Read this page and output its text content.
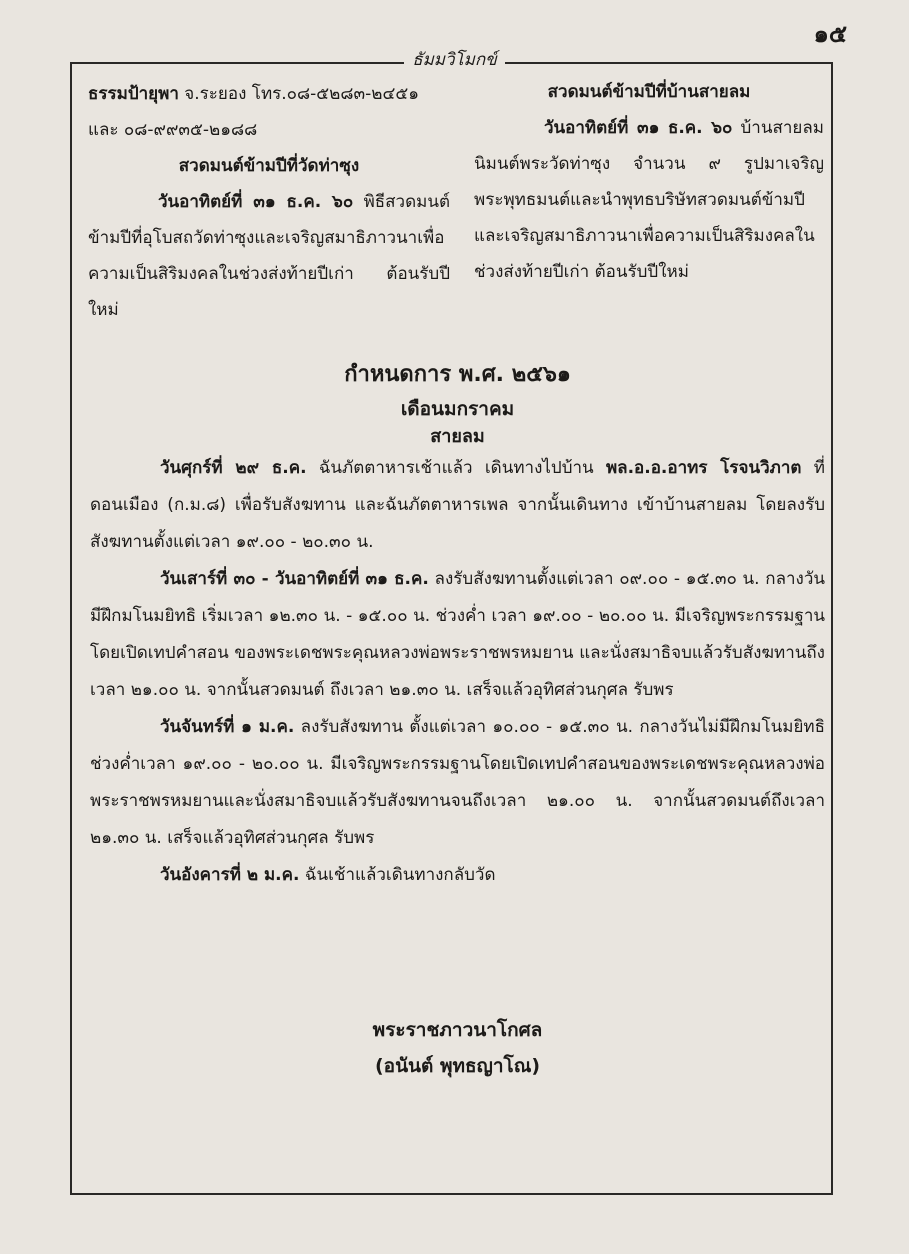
๑๕
ธัมมวิโมกข์

ธรรมป้ายุพา จ.ระยอง โทร.๐๘-๕๒๘๓-๒๔๕๑

และ ๐๘-๙๙๓๕-๒๑๘๘

สวดมนต์ข้ามปีที่วัดท่าซุง

วันอาทิตย์ที่ ๓๑ ธ.ค. ๖๐ พิธีสวดมนต์ข้ามปีที่อุโบสถวัดท่าซุงและเจริญสมาธิภาวนาเพื่อความเป็นสิริมงคลในช่วงส่งท้ายปีเก่า ต้อนรับปีใหม่

สวดมนต์ข้ามปีที่บ้านสายลม

วันอาทิตย์ที่ ๓๑ ธ.ค. ๖๐ บ้านสายลมนิมนต์พระวัดท่าซุง จำนวน ๙ รูปมาเจริญพระพุทธมนต์และนำพุทธบริษัทสวดมนต์ข้ามปีและเจริญสมาธิภาวนาเพื่อความเป็นสิริมงคลในช่วงส่งท้ายปีเก่า ต้อนรับปีใหม่

กำหนดการ พ.ศ. ๒๕๖๑

เดือนมกราคม

สายลม

วันศุกร์ที่ ๒๙ ธ.ค. ฉันภัตตาหารเช้าแล้ว เดินทางไปบ้าน พล.อ.อ.อาทร โรจนวิภาต ที่ดอนเมือง (ก.ม.๘) เพื่อรับสังฆทาน และฉันภัตตาหารเพล จากนั้นเดินทาง เข้าบ้านสายลม โดยลงรับสังฆทานตั้งแต่เวลา ๑๙.๐๐ - ๒๐.๓๐ น.

วันเสาร์ที่ ๓๐ - วันอาทิตย์ที่ ๓๑ ธ.ค. ลงรับสังฆทานตั้งแต่เวลา ๐๙.๐๐ - ๑๕.๓๐ น. กลางวันมีฝึกมโนมยิทธิ เริ่มเวลา ๑๒.๓๐ น. - ๑๕.๐๐ น. ช่วงค่ำ เวลา ๑๙.๐๐ - ๒๐.๐๐ น. มีเจริญพระกรรมฐาน โดยเปิดเทปคำสอน ของพระเดชพระคุณหลวงพ่อพระราชพรหมยาน และนั่งสมาธิจบแล้วรับสังฆทานถึงเวลา ๒๑.๐๐ น. จากนั้นสวดมนต์ ถึงเวลา ๒๑.๓๐ น. เสร็จแล้วอุทิศส่วนกุศล รับพร

วันจันทร์ที่ ๑ ม.ค. ลงรับสังฆทาน ตั้งแต่เวลา ๑๐.๐๐ - ๑๕.๓๐ น. กลางวันไม่มีฝึกมโนมยิทธิ ช่วงค่ำเวลา ๑๙.๐๐ - ๒๐.๐๐ น. มีเจริญพระกรรมฐานโดยเปิดเทปคำสอนของพระเดชพระคุณหลวงพ่อพระราชพรหมยานและนั่งสมาธิจบแล้วรับสังฆทานจนถึงเวลา ๒๑.๐๐ น. จากนั้นสวดมนต์ถึงเวลา ๒๑.๓๐ น. เสร็จแล้วอุทิศส่วนกุศล รับพร

วันอังคารที่ ๒ ม.ค. ฉันเช้าแล้วเดินทางกลับวัด

พระราชภาวนาโกศล

(อนันต์ พุทธญาโณ)
